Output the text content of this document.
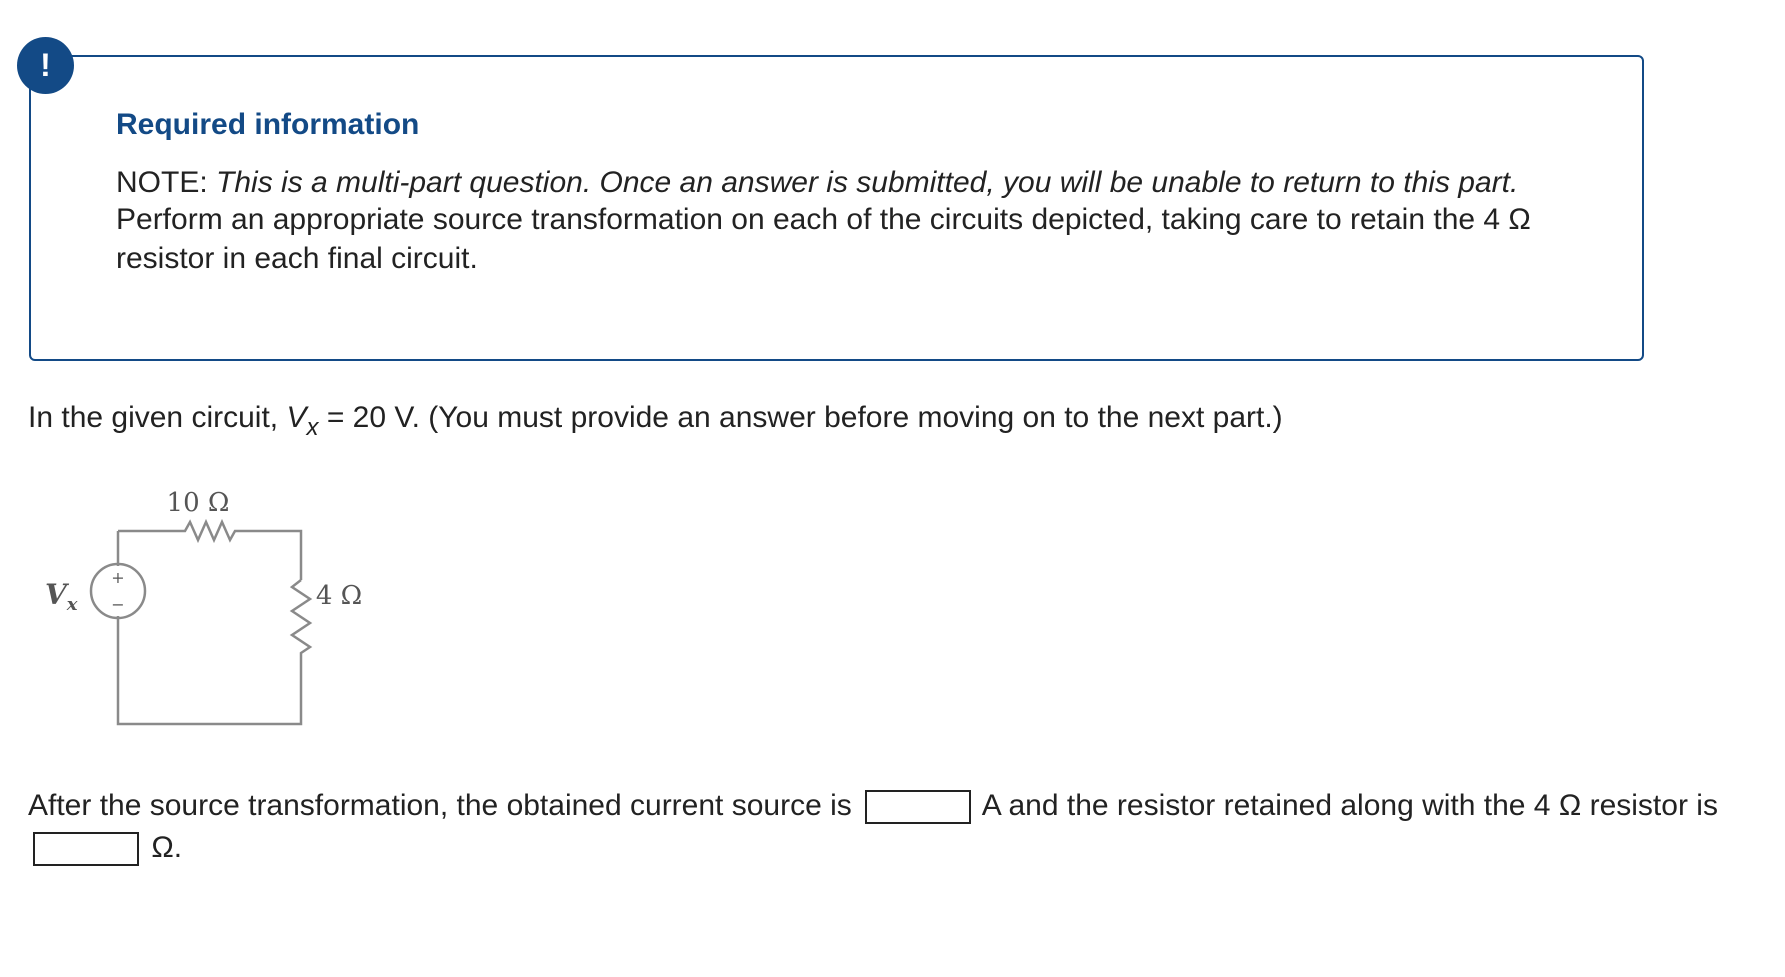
!
Required information

NOTE: This is a multi-part question. Once an answer is submitted, you will be unable to return to this part.

Perform an appropriate source transformation on each of the circuits depicted, taking care to retain the 4 Ω resistor in each final circuit.

In the given circuit, $V_x = 20$ V. (You must provide an answer before moving on to the next part.)
+
−
10 Ω
4 Ω
$V_x$
After the source transformation, the obtained current source is	A and the resistor retained along with the 4 Ω resistor is  Ω.
